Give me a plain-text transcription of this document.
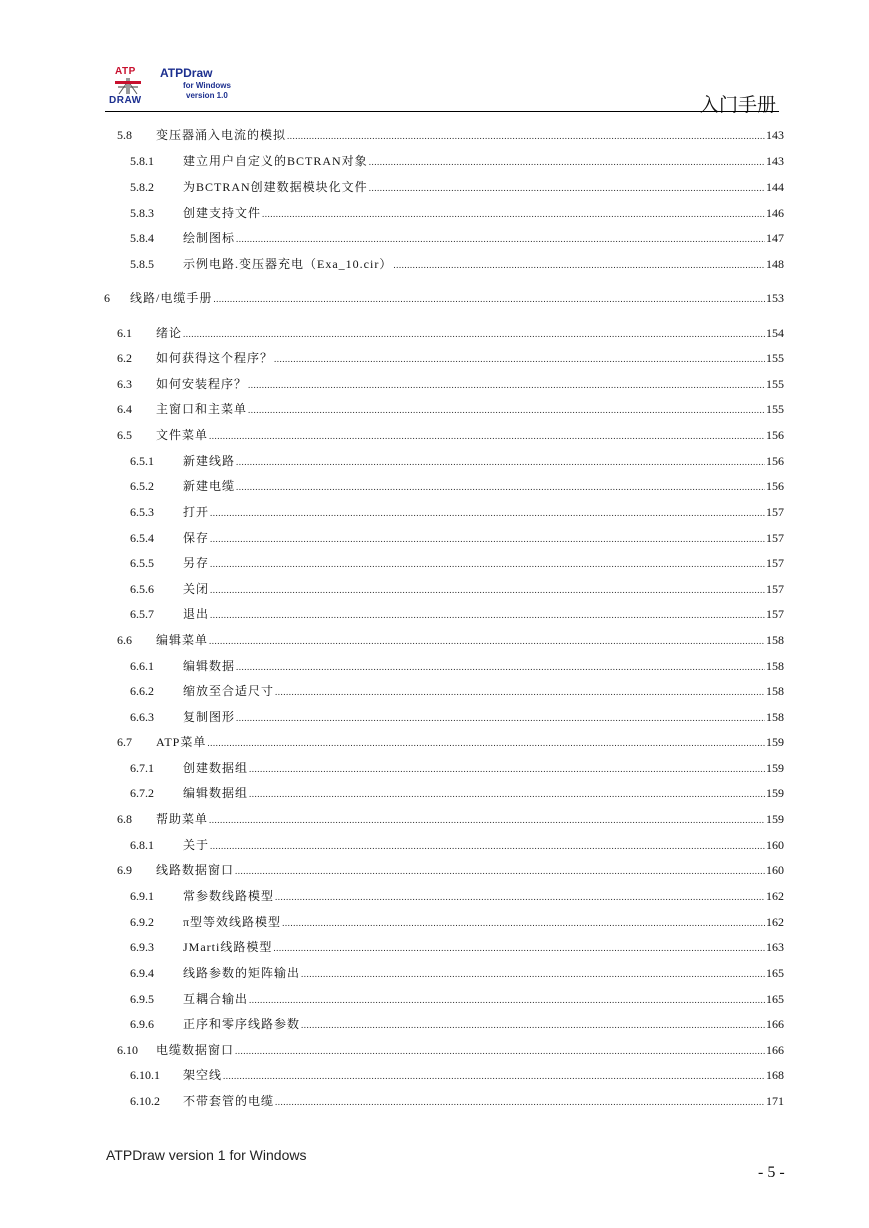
ATP
DRAW
ATPDraw
for Windows
version 1.0	入门手册
5.8	变压器涌入电流的模拟 .....	143
5.8.1	建立用户自定义的BCTRAN对象 .....	143
5.8.2	为BCTRAN创建数据模块化文件 .....	144
5.8.3	创建支持文件 .....	146
5.8.4	绘制图标 .....	147
5.8.5	示例电路.变压器充电（Exa_10.cir） .....	148
6	线路/电缆手册 .....	153
6.1	绪论 .....	154
6.2	如何获得这个程序？ .....	155
6.3	如何安装程序？ .....	155
6.4	主窗口和主菜单 .....	155
6.5	文件菜单 .....	156
6.5.1	新建线路 .....	156
6.5.2	新建电缆 .....	156
6.5.3	打开 .....	157
6.5.4	保存 .....	157
6.5.5	另存 .....	157
6.5.6	关闭 .....	157
6.5.7	退出 .....	157
6.6	编辑菜单 .....	158
6.6.1	编辑数据 .....	158
6.6.2	缩放至合适尺寸 .....	158
6.6.3	复制图形 .....	158
6.7	ATP菜单 .....	159
6.7.1	创建数据组 .....	159
6.7.2	编辑数据组 .....	159
6.8	帮助菜单 .....	159
6.8.1	关于 .....	160
6.9	线路数据窗口 .....	160
6.9.1	常参数线路模型 .....	162
6.9.2	π型等效线路模型 .....	162
6.9.3	JMarti线路模型 .....	163
6.9.4	线路参数的矩阵输出 .....	165
6.9.5	互耦合输出 .....	165
6.9.6	正序和零序线路参数 .....	166
6.10	电缆数据窗口 .....	166
6.10.1	架空线 .....	168
6.10.2	不带套管的电缆 .....	171
ATPDraw version 1 for Windows
- 5 -
